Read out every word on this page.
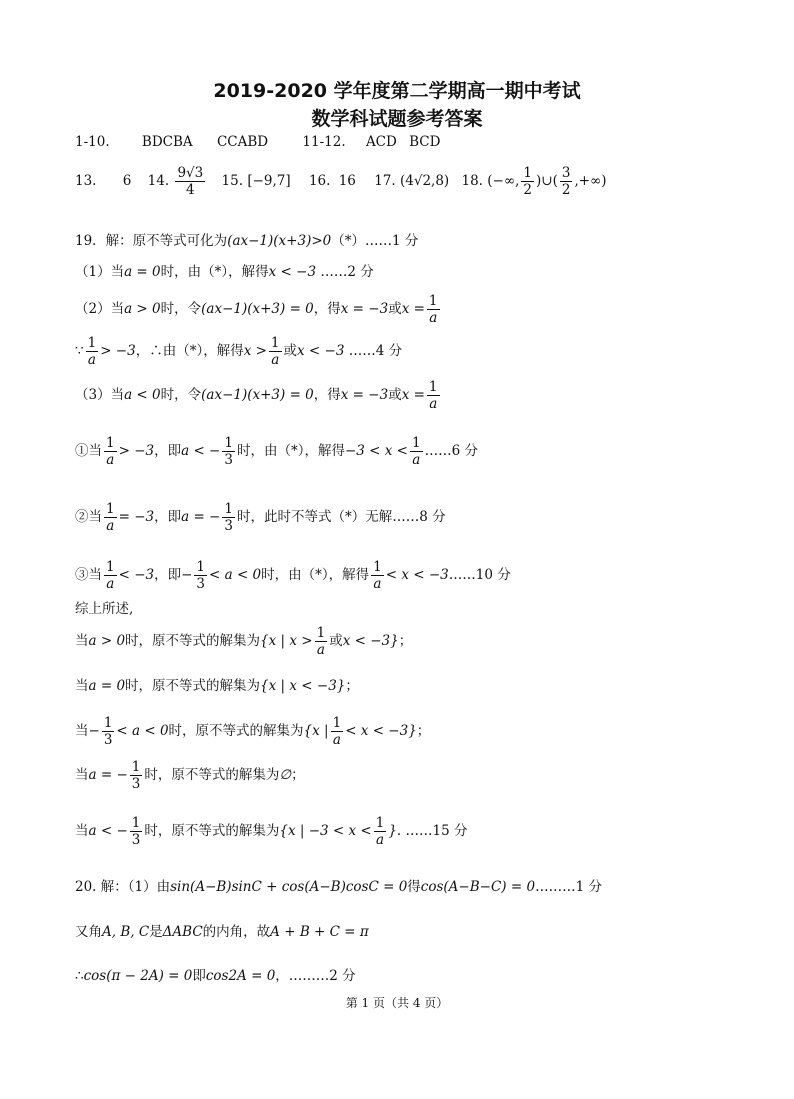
2019-2020 学年度第二学期高一期中考试
数学科试题参考答案
1-10. BDCBA CCABD	11-12. ACD BCD
13. 6 14. $\frac{9√3}{4} 15$. [−9,7] 16. 16 17. (4√2,8) 18. (−∞, $\frac{1}{2}$ )∪( $\frac{3}{2}$ ,+∞)
19．解：原不等式可化为(ax−1)(x+3)>0（*）……1 分
（1）当a = 0时，由（*），解得x < −3 ……2 分
（2）当a > 0时，令(ax−1)(x+3) = 0，得x = −3或$x = \frac{1}{a}$
∵ $\frac{1}{a} > -3$，∴由（*），解得$x > \frac{1}{a}$ 或x < −3 ……4 分
（3）当a < 0时，令(ax−1)(x+3) = 0，得x = −3或$x = \frac{1}{a}$
①当 $\frac{1}{a} > -3$，即a < − $\frac{1}{3}$ 时，由（*），解得$-3 < x < \frac{1}{a}$ ……6 分
②当 $\frac{1}{a} = -3$，即a = − $\frac{1}{3}$ 时，此时不等式（*）无解……8 分
③当 $\frac{1}{a} < -3$，即− $\frac{1}{3} < a < 0$时，由（*），解得 $\frac{1}{a} < x$ < −3……10 分
综上所述,
当a > 0时，原不等式的解集为{x | $x > \frac{1}{a}$ 或x < −3}；
当a = 0时，原不等式的解集为{x | x < −3}；
当− $\frac{1}{3} < a < 0$时，原不等式的解集为{x | $\frac{1}{a} < x < -3$}；
当a = − $\frac{1}{3}$ 时，原不等式的解集为∅；
当a < − $\frac{1}{3}$ 时，原不等式的解集为{x | $-3 < x < \frac{1}{a}$ }. ……15 分
20. 解：（1）由sin(A−B)sinC + cos(A−B)cosC = 0得cos(A−B−C) = 0………1 分
又角A, B, C是ΔABC的内角，故A + B + C = π
∴cos(π − 2A) = 0即cos2A = 0，………2 分
第 1 页（共 4 页）
